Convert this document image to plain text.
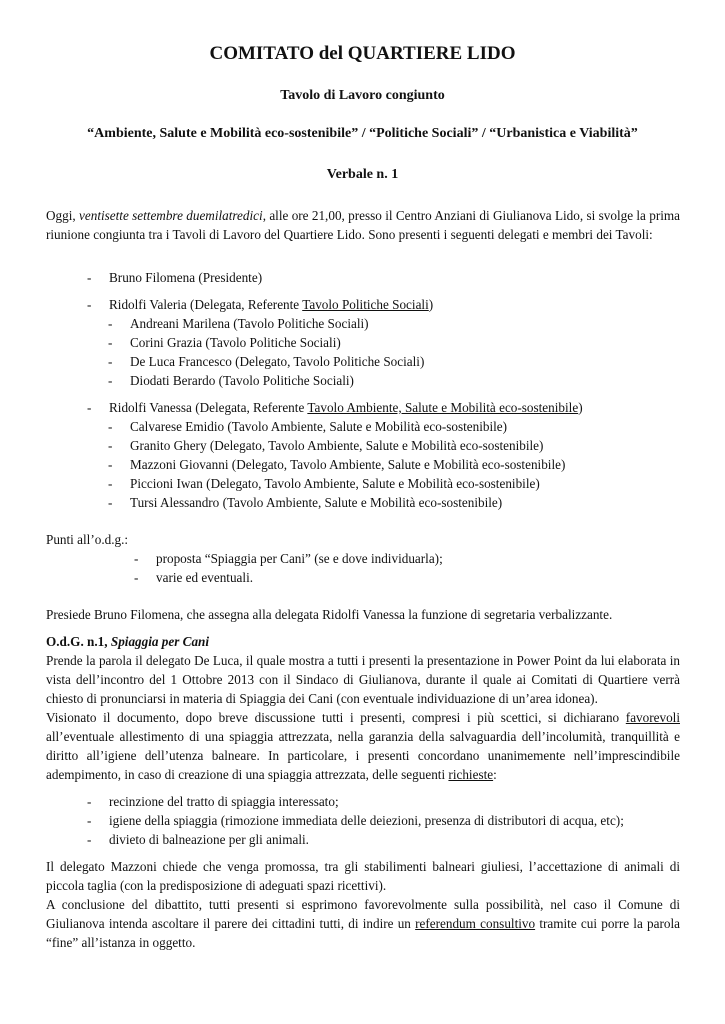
COMITATO del QUARTIERE LIDO
Tavolo di Lavoro congiunto
“Ambiente, Salute e Mobilità eco-sostenibile” / “Politiche Sociali” / “Urbanistica e Viabilità”
Verbale n. 1

Oggi, ventisette settembre duemilatredici, alle ore 21,00, presso il Centro Anziani di Giulianova Lido, si svolge la prima riunione congiunta tra i Tavoli di Lavoro del Quartiere Lido. Sono presenti i seguenti delegati e membri dei Tavoli:

- Bruno Filomena (Presidente)
- Ridolfi Valeria (Delegata, Referente Tavolo Politiche Sociali)
- Andreani Marilena (Tavolo Politiche Sociali)
- Corini Grazia (Tavolo Politiche Sociali)
- De Luca Francesco (Delegato, Tavolo Politiche Sociali)
- Diodati Berardo (Tavolo Politiche Sociali)
- Ridolfi Vanessa (Delegata, Referente Tavolo Ambiente, Salute e Mobilità eco-sostenibile)
- Calvarese Emidio (Tavolo Ambiente, Salute e Mobilità eco-sostenibile)
- Granito Ghery (Delegato, Tavolo Ambiente, Salute e Mobilità eco-sostenibile)
- Mazzoni Giovanni (Delegato, Tavolo Ambiente, Salute e Mobilità eco-sostenibile)
- Piccioni Iwan (Delegato, Tavolo Ambiente, Salute e Mobilità eco-sostenibile)
- Tursi Alessandro (Tavolo Ambiente, Salute e Mobilità eco-sostenibile)

Punti all’o.d.g.:

- proposta “Spiaggia per Cani” (se e dove individuarla);
- varie ed eventuali.

Presiede Bruno Filomena, che assegna alla delegata Ridolfi Vanessa la funzione di segretaria verbalizzante.

O.d.G. n.1, Spiaggia per Cani

Prende la parola il delegato De Luca, il quale mostra a tutti i presenti la presentazione in Power Point da lui elaborata in vista dell’incontro del 1 Ottobre 2013 con il Sindaco di Giulianova, durante il quale ai Comitati di Quartiere verrà chiesto di pronunciarsi in materia di Spiaggia dei Cani (con eventuale individuazione di un’area idonea).

Visionato il documento, dopo breve discussione tutti i presenti, compresi i più scettici, si dichiarano favorevoli all’eventuale allestimento di una spiaggia attrezzata, nella garanzia della salvaguardia dell’incolumità, tranquillità e diritto all’igiene dell’utenza balneare. In particolare, i presenti concordano unanimemente nell’imprescindibile adempimento, in caso di creazione di una spiaggia attrezzata, delle seguenti richieste:

- recinzione del tratto di spiaggia interessato;
- igiene della spiaggia (rimozione immediata delle deiezioni, presenza di distributori di acqua, etc);
- divieto di balneazione per gli animali.

Il delegato Mazzoni chiede che venga promossa, tra gli stabilimenti balneari giuliesi, l’accettazione di animali di piccola taglia (con la predisposizione di adeguati spazi ricettivi).

A conclusione del dibattito, tutti presenti si esprimono favorevolmente sulla possibilità, nel caso il Comune di Giulianova intenda ascoltare il parere dei cittadini tutti, di indire un referendum consultivo tramite cui porre la parola “fine” all’istanza in oggetto.
